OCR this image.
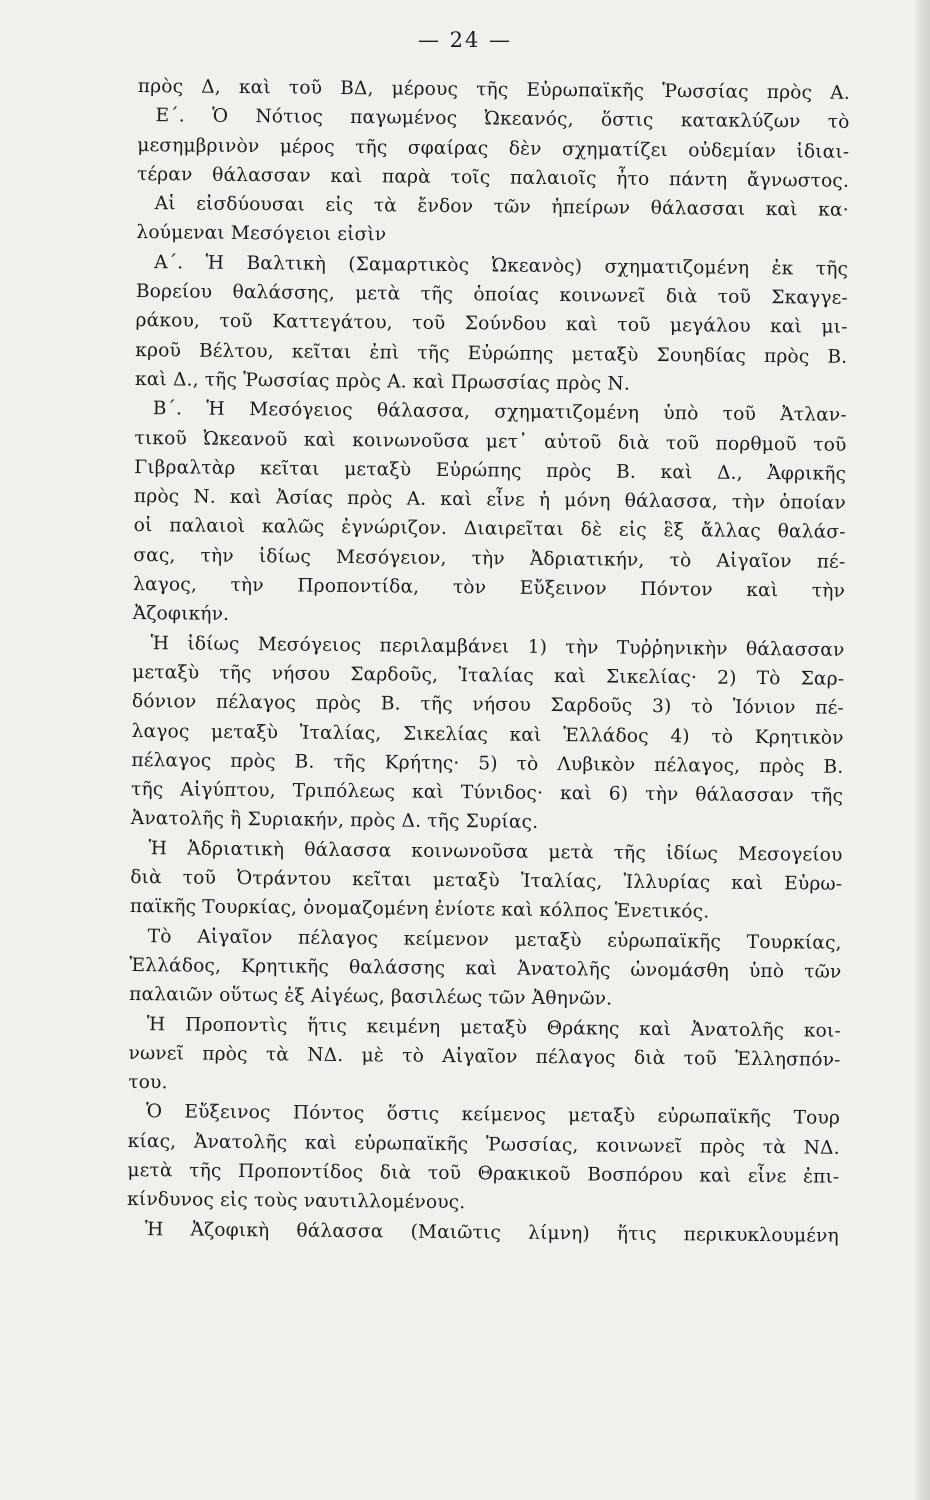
— 24 —
πρὸς Δ, καὶ τοῦ ΒΔ, μέρους τῆς Εὐρωπαϊκῆς Ῥωσσίας πρὸς Α.
Ε΄. Ὁ Νότιος παγωμένος Ὠκεανός, ὅστις κατακλύζων τὸ
μεσημβρινὸν μέρος τῆς σφαίρας δὲν σχηματίζει οὐδεμίαν ἰδιαι-
τέραν θάλασσαν καὶ παρὰ τοῖς παλαιοῖς ἦτο πάντη ἄγνωστος.
Αἱ εἰσδύουσαι εἰς τὰ ἔνδον τῶν ἠπείρων θάλασσαι καὶ κα·
λούμεναι Μεσόγειοι εἰσὶν
Α΄. Ἡ Βαλτικὴ (Σαμαρτικὸς Ὠκεανὸς) σχηματιζομένη ἐκ τῆς
Βορείου θαλάσσης, μετὰ τῆς ὁποίας κοινωνεῖ διὰ τοῦ Σκαγγε-
ράκου, τοῦ Καττεγάτου, τοῦ Σούνδου καὶ τοῦ μεγάλου καὶ μι-
κροῦ Βέλτου, κεῖται ἐπὶ τῆς Εὐρώπης μεταξὺ Σουηδίας πρὸς Β.
καὶ Δ., τῆς Ῥωσσίας πρὸς Α. καὶ Πρωσσίας πρὸς Ν.
Β΄. Ἡ Μεσόγειος θάλασσα, σχηματιζομένη ὑπὸ τοῦ Ἀτλαν-
τικοῦ Ὠκεανοῦ καὶ κοινωνοῦσα μετ᾽ αὐτοῦ διὰ τοῦ πορθμοῦ τοῦ
Γιβραλτὰρ κεῖται μεταξὺ Εὐρώπης πρὸς Β. καὶ Δ., Ἀφρικῆς
πρὸς Ν. καὶ Ἀσίας πρὸς Α. καὶ εἶνε ἡ μόνη θάλασσα, τὴν ὁποίαν
οἱ παλαιοὶ καλῶς ἐγνώριζον. Διαιρεῖται δὲ εἰς ἓξ ἄλλας θαλάσ-
σας, τὴν ἰδίως Μεσόγειον, τὴν Ἀδριατικήν, τὸ Αἰγαῖον πέ-
λαγος, τὴν Προποντίδα, τὸν Εὔξεινον Πόντον καὶ τὴν
Ἀζοφικήν.
Ἡ ἰδίως Μεσόγειος περιλαμβάνει 1) τὴν Τυῤῥηνικὴν θάλασσαν
μεταξὺ τῆς νήσου Σαρδοῦς, Ἰταλίας καὶ Σικελίας· 2) Τὸ Σαρ-
δόνιον πέλαγος πρὸς Β. τῆς νήσου Σαρδοῦς 3) τὸ Ἰόνιον πέ-
λαγος μεταξὺ Ἰταλίας, Σικελίας καὶ Ἑλλάδος 4) τὸ Κρητικὸν
πέλαγος πρὸς Β. τῆς Κρήτης· 5) τὸ Λυβικὸν πέλαγος, πρὸς Β.
τῆς Αἰγύπτου, Τριπόλεως καὶ Τύνιδος· καὶ 6) τὴν θάλασσαν τῆς
Ἀνατολῆς ἢ Συριακήν, πρὸς Δ. τῆς Συρίας.
Ἡ Ἀδριατικὴ θάλασσα κοινωνοῦσα μετὰ τῆς ἰδίως Μεσογείου
διὰ τοῦ Ὀτράντου κεῖται μεταξὺ Ἰταλίας, Ἰλλυρίας καὶ Εὐρω-
παϊκῆς Τουρκίας, ὀνομαζομένη ἐνίοτε καὶ κόλπος Ἑνετικός.
Τὸ Αἰγαῖον πέλαγος κείμενον μεταξὺ εὐρωπαϊκῆς Τουρκίας,
Ἑλλάδος, Κρητικῆς θαλάσσης καὶ Ἀνατολῆς ὠνομάσθη ὑπὸ τῶν
παλαιῶν οὕτως ἐξ Αἰγέως, βασιλέως τῶν Ἀθηνῶν.
Ἡ Προποντὶς ἥτις κειμένη μεταξὺ Θράκης καὶ Ἀνατολῆς κοι-
νωνεῖ πρὸς τὰ ΝΔ. μὲ τὸ Αἰγαῖον πέλαγος διὰ τοῦ Ἑλλησπόν-
του.
Ὁ Εὔξεινος Πόντος ὅστις κείμενος μεταξὺ εὐρωπαϊκῆς Τουρ
κίας, Ἀνατολῆς καὶ εὐρωπαϊκῆς Ῥωσσίας, κοινωνεῖ πρὸς τὰ ΝΔ.
μετὰ τῆς Προποντίδος διὰ τοῦ Θρακικοῦ Βοσπόρου καὶ εἶνε ἐπι-
κίνδυνος εἰς τοὺς ναυτιλλομένους.
Ἡ Ἀζοφικὴ θάλασσα (Μαιῶτις λίμνη) ἥτις περικυκλουμένη
